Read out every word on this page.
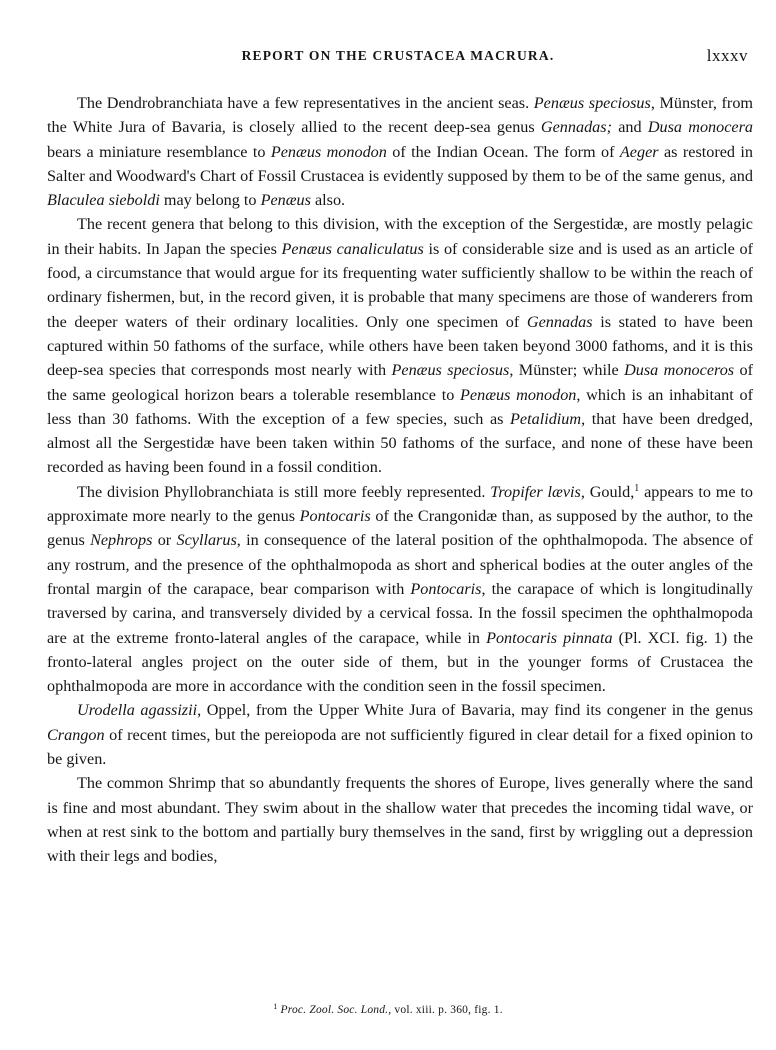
REPORT ON THE CRUSTACEA MACRURA.	lxxxv

The Dendrobranchiata have a few representatives in the ancient seas. Penæus speciosus, Münster, from the White Jura of Bavaria, is closely allied to the recent deep-sea genus Gennadas; and Dusa monocera bears a miniature resemblance to Penæus monodon of the Indian Ocean. The form of Aeger as restored in Salter and Woodward's Chart of Fossil Crustacea is evidently supposed by them to be of the same genus, and Blaculea sieboldi may belong to Penæus also.

The recent genera that belong to this division, with the exception of the Sergestidæ, are mostly pelagic in their habits. In Japan the species Penæus canaliculatus is of considerable size and is used as an article of food, a circumstance that would argue for its frequenting water sufficiently shallow to be within the reach of ordinary fishermen, but, in the record given, it is probable that many specimens are those of wanderers from the deeper waters of their ordinary localities. Only one specimen of Gennadas is stated to have been captured within 50 fathoms of the surface, while others have been taken beyond 3000 fathoms, and it is this deep-sea species that corresponds most nearly with Penæus speciosus, Münster; while Dusa monoceros of the same geological horizon bears a tolerable resemblance to Penæus monodon, which is an inhabitant of less than 30 fathoms. With the exception of a few species, such as Petalidium, that have been dredged, almost all the Sergestidæ have been taken within 50 fathoms of the surface, and none of these have been recorded as having been found in a fossil condition.

The division Phyllobranchiata is still more feebly represented. Tropifer lævis, Gould,$^1$ appears to me to approximate more nearly to the genus Pontocaris of the Crangonidæ than, as supposed by the author, to the genus Nephrops or Scyllarus, in consequence of the lateral position of the ophthalmopoda. The absence of any rostrum, and the presence of the ophthalmopoda as short and spherical bodies at the outer angles of the frontal margin of the carapace, bear comparison with Pontocaris, the carapace of which is longitudinally traversed by carina, and transversely divided by a cervical fossa. In the fossil specimen the ophthalmopoda are at the extreme fronto-lateral angles of the carapace, while in Pontocaris pinnata (Pl. XCI. fig. 1) the fronto-lateral angles project on the outer side of them, but in the younger forms of Crustacea the ophthalmopoda are more in accordance with the condition seen in the fossil specimen.

Urodella agassizii, Oppel, from the Upper White Jura of Bavaria, may find its congener in the genus Crangon of recent times, but the pereiopoda are not sufficiently figured in clear detail for a fixed opinion to be given.

The common Shrimp that so abundantly frequents the shores of Europe, lives generally where the sand is fine and most abundant. They swim about in the shallow water that precedes the incoming tidal wave, or when at rest sink to the bottom and partially bury themselves in the sand, first by wriggling out a depression with their legs and bodies,

$^1$ Proc. Zool. Soc. Lond., vol. xiii. p. 360, fig. 1.
